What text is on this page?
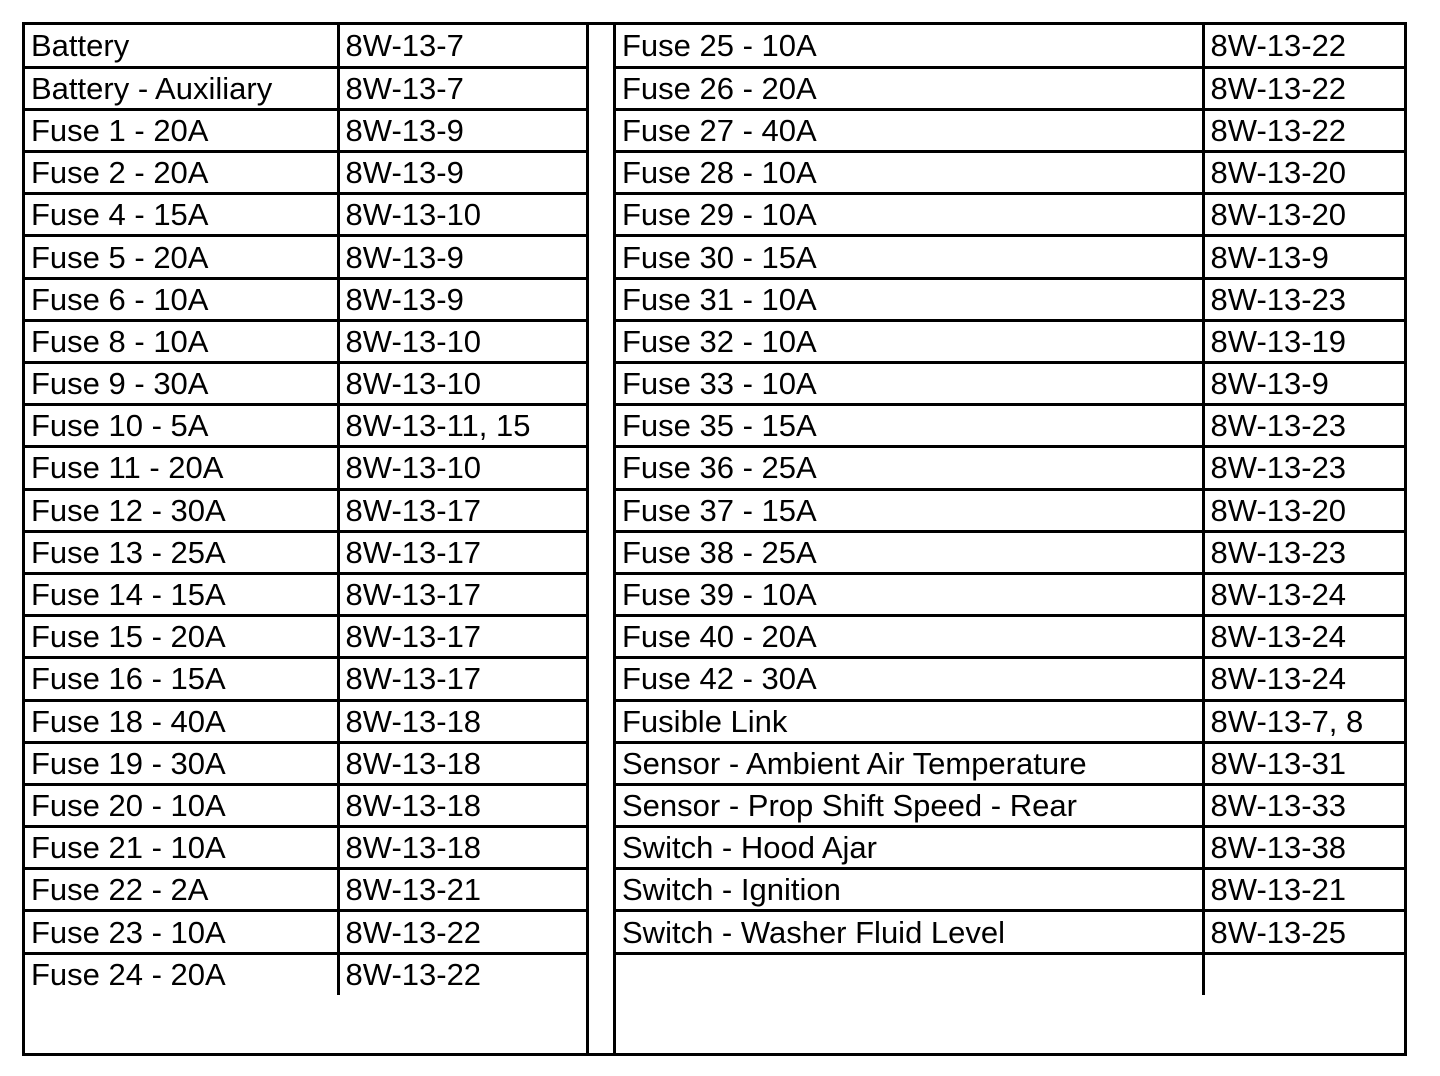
Battery	8W-13-7
Battery - Auxiliary	8W-13-7
Fuse 1 - 20A	8W-13-9
Fuse 2 - 20A	8W-13-9
Fuse 4 - 15A	8W-13-10
Fuse 5 - 20A	8W-13-9
Fuse 6 - 10A	8W-13-9
Fuse 8 - 10A	8W-13-10
Fuse 9 - 30A	8W-13-10
Fuse 10 - 5A	8W-13-11, 15
Fuse 11 - 20A	8W-13-10
Fuse 12 - 30A	8W-13-17
Fuse 13 - 25A	8W-13-17
Fuse 14 - 15A	8W-13-17
Fuse 15 - 20A	8W-13-17
Fuse 16 - 15A	8W-13-17
Fuse 18 - 40A	8W-13-18
Fuse 19 - 30A	8W-13-18
Fuse 20 - 10A	8W-13-18
Fuse 21 - 10A	8W-13-18
Fuse 22 - 2A	8W-13-21
Fuse 23 - 10A	8W-13-22
Fuse 24 - 20A	8W-13-22
Fuse 25 - 10A	8W-13-22
Fuse 26 - 20A	8W-13-22
Fuse 27 - 40A	8W-13-22
Fuse 28 - 10A	8W-13-20
Fuse 29 - 10A	8W-13-20
Fuse 30 - 15A	8W-13-9
Fuse 31 - 10A	8W-13-23
Fuse 32 - 10A	8W-13-19
Fuse 33 - 10A	8W-13-9
Fuse 35 - 15A	8W-13-23
Fuse 36 - 25A	8W-13-23
Fuse 37 - 15A	8W-13-20
Fuse 38 - 25A	8W-13-23
Fuse 39 - 10A	8W-13-24
Fuse 40 - 20A	8W-13-24
Fuse 42 - 30A	8W-13-24
Fusible Link	8W-13-7, 8
Sensor - Ambient Air Temperature	8W-13-31
Sensor - Prop Shift Speed - Rear	8W-13-33
Switch - Hood Ajar	8W-13-38
Switch - Ignition	8W-13-21
Switch - Washer Fluid Level	8W-13-25
